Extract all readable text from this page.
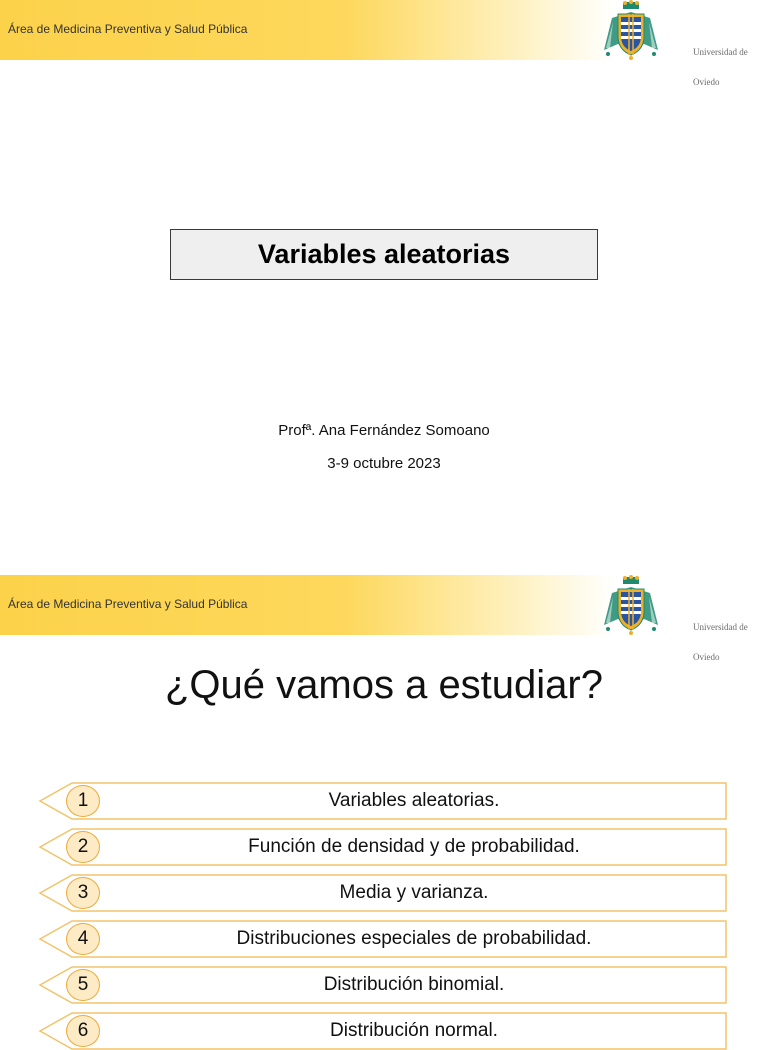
Área de Medicina Preventiva y Salud Pública

Universidad de

Oviedo

Variables aleatorias
Profª. Ana Fernández Somoano
3-9 octubre 2023
Área de Medicina Preventiva y Salud Pública

Universidad de

Oviedo

¿Qué vamos a estudiar?
1	Variables aleatorias.
2	Función de densidad y de probabilidad.
3	Media y varianza.
4	Distribuciones especiales de probabilidad.
5	Distribución binomial.
6	Distribución normal.
